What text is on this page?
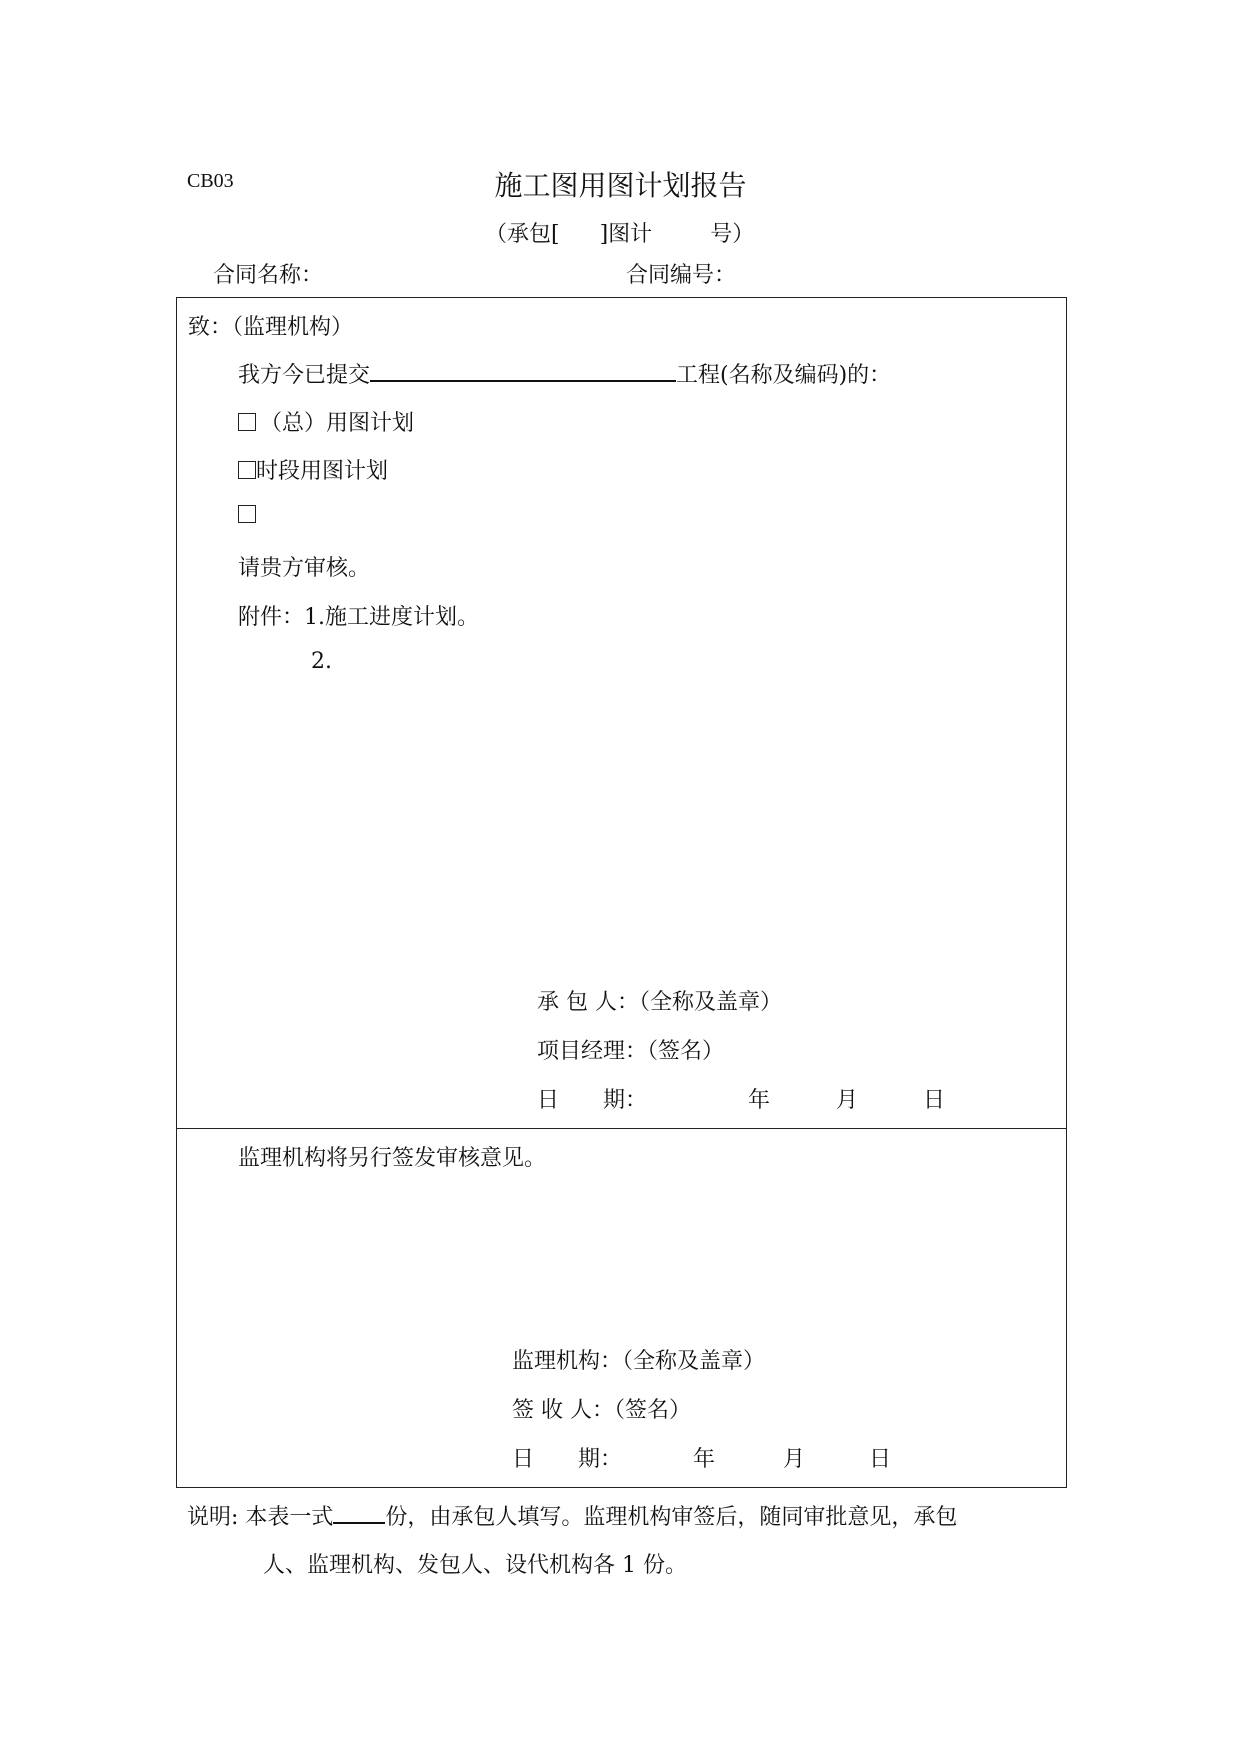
CB03	施工图用图计划报告
（承包[ ]图计	号）
合同名称：	合同编号：
致：（监理机构）
我方今已提交	工程(名称及编码)的：
（总）用图计划
时段用图计划
请贵方审核。
附件：1.施工进度计划。
2.
承 包 人：（全称及盖章）
项目经理：（签名）
日　　期：	年	月	日
监理机构将另行签发审核意见。
监理机构：（全称及盖章）
签 收 人：（签名）
日　　期：	年	月	日
说明: 本表一式 份，由承包人填写。监理机构审签后，随同审批意见，承包
人、监理机构、发包人、设代机构各 1 份。
